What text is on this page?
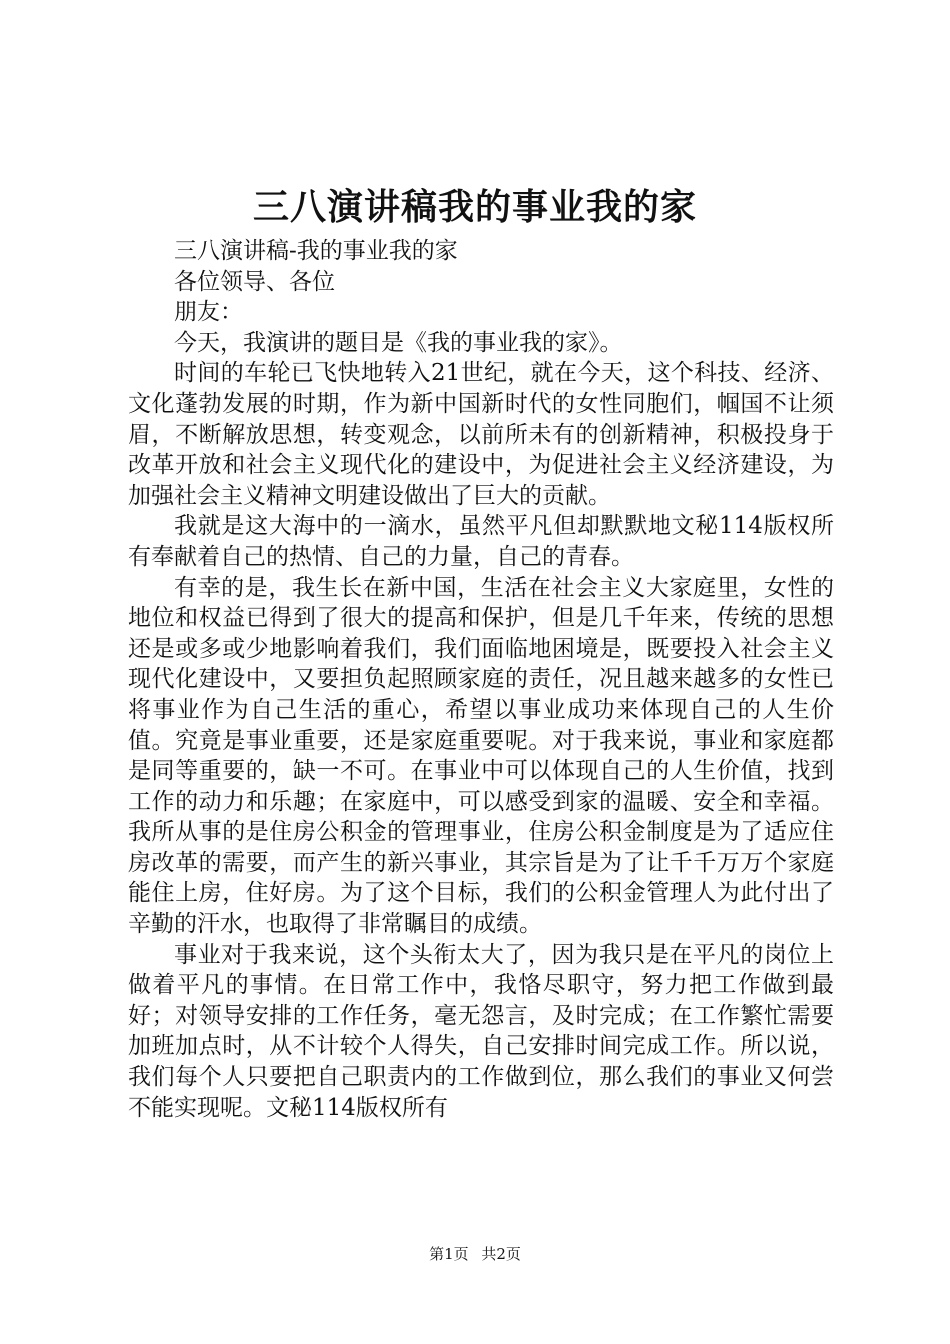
三八演讲稿我的事业我的家

三八演讲稿-我的事业我的家

各位领导、各位

朋友：

今天，我演讲的题目是《我的事业我的家》。

时间的车轮已飞快地转入21世纪，就在今天，这个科技、经济、文化蓬勃发展的时期，作为新中国新时代的女性同胞们，帼国不让须眉，不断解放思想，转变观念，以前所未有的创新精神，积极投身于改革开放和社会主义现代化的建设中，为促进社会主义经济建设，为加强社会主义精神文明建设做出了巨大的贡献。

我就是这大海中的一滴水，虽然平凡但却默默地文秘114版权所有奉献着自己的热情、自己的力量，自己的青春。

有幸的是，我生长在新中国，生活在社会主义大家庭里，女性的地位和权益已得到了很大的提高和保护，但是几千年来，传统的思想还是或多或少地影响着我们，我们面临地困境是，既要投入社会主义现代化建设中，又要担负起照顾家庭的责任，况且越来越多的女性已将事业作为自己生活的重心，希望以事业成功来体现自己的人生价值。究竟是事业重要，还是家庭重要呢。对于我来说，事业和家庭都是同等重要的，缺一不可。在事业中可以体现自己的人生价值，找到工作的动力和乐趣；在家庭中，可以感受到家的温暖、安全和幸福。我所从事的是住房公积金的管理事业，住房公积金制度是为了适应住房改革的需要，而产生的新兴事业，其宗旨是为了让千千万万个家庭能住上房，住好房。为了这个目标，我们的公积金管理人为此付出了辛勤的汗水，也取得了非常瞩目的成绩。

事业对于我来说，这个头衔太大了，因为我只是在平凡的岗位上做着平凡的事情。在日常工作中，我恪尽职守，努力把工作做到最好；对领导安排的工作任务，毫无怨言，及时完成；在工作繁忙需要加班加点时，从不计较个人得失，自己安排时间完成工作。所以说，我们每个人只要把自己职责内的工作做到位，那么我们的事业又何尝不能实现呢。文秘114版权所有

第1页 共2页
